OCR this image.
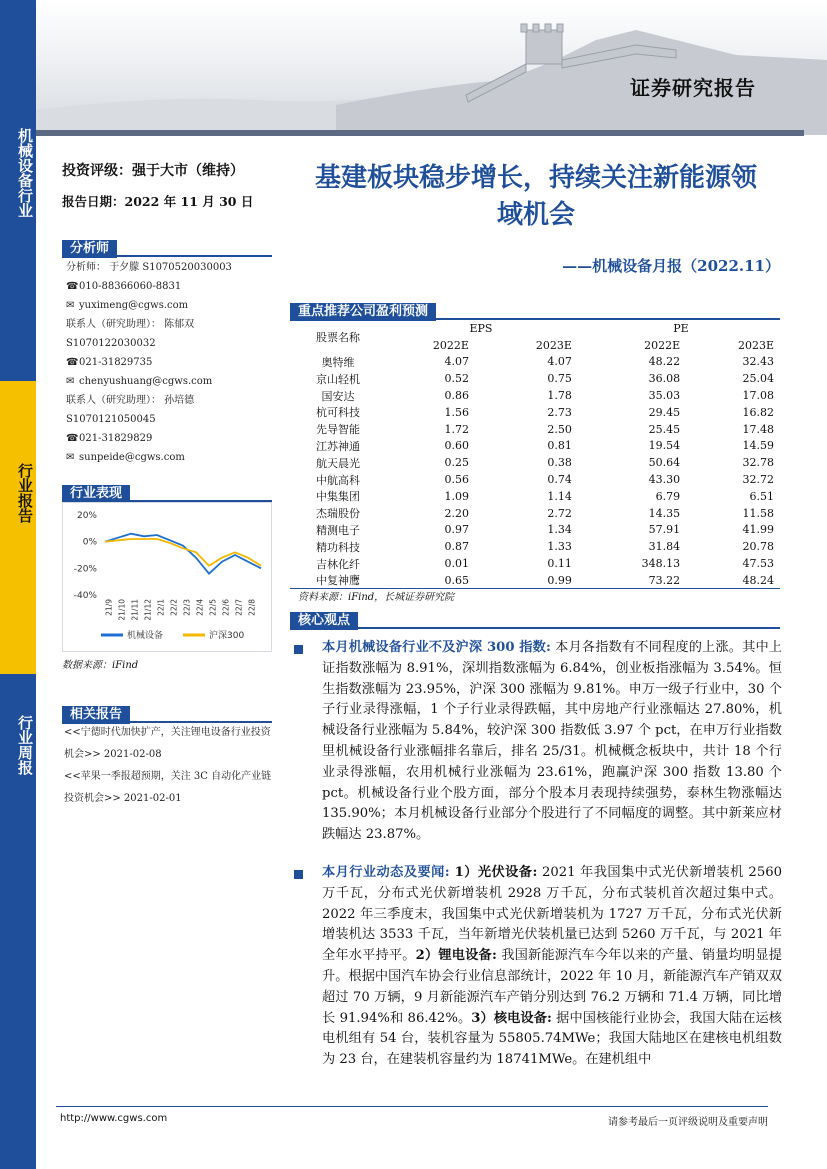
机械设备行业
行业报告
行业周报
证券研究报告
投资评级：强于大市（维持）
报告日期：2022 年 11 月 30 日
基建板块稳步增长，持续关注新能源领
域机会
——机械设备月报（2022.11）
分析师
分析师： 于夕朦 S1070520030003
☎010-88366060-8831
✉ yuximeng@cgws.com
联系人（研究助理）： 陈郁双
S1070122030032
☎021-31829735
✉ chenyushuang@cgws.com
联系人（研究助理）： 孙培德
S1070121050045
☎021-31829829
✉ sunpeide@cgws.com
行业表现
20%
0%
-20%
-40%
21/9 21/10 21/11 21/12 22/1 22/2 22/3 22/4 22/5 22/6 22/7 22/8
机械设备	沪深300
数据来源：iFind
相关报告
<<宁德时代加快扩产，关注锂电设备行业投资机会>> 2021-02-08
<<苹果一季报超预期，关注 3C 自动化产业链投资机会>> 2021-02-01
重点推荐公司盈利预测
股票名称	EPS		PE	
	2022E	2023E	2022E	2023E
奥特维	4.07	4.07	48.22	32.43
京山轻机	0.52	0.75	36.08	25.04
国安达	0.86	1.78	35.03	17.08
杭可科技	1.56	2.73	29.45	16.82
先导智能	1.72	2.50	25.45	17.48
江苏神通	0.60	0.81	19.54	14.59
航天晨光	0.25	0.38	50.64	32.78
中航高科	0.56	0.74	43.30	32.72
中集集团	1.09	1.14	6.79	6.51
杰瑞股份	2.20	2.72	14.35	11.58
精测电子	0.97	1.34	57.91	41.99
精功科技	0.87	1.33	31.84	20.78
吉林化纤	0.01	0.11	348.13	47.53
中复神鹰	0.65	0.99	73.22	48.24
资料来源：iFind，长城证券研究院
核心观点
本月机械设备行业不及沪深 300 指数: 本月各指数有不同程度的上涨。其中上证指数涨幅为 8.91%，深圳指数涨幅为 6.84%，创业板指涨幅为 3.54%。恒生指数涨幅为 23.95%，沪深 300 涨幅为 9.81%。申万一级子行业中，30 个子行业录得涨幅，1 个子行业录得跌幅，其中房地产行业涨幅达 27.80%，机械设备行业涨幅为 5.84%，较沪深 300 指数低 3.97 个 pct，在申万行业指数里机械设备行业涨幅排名靠后，排名 25/31。机械概念板块中，共计 18 个行业录得涨幅，农用机械行业涨幅为 23.61%，跑赢沪深 300 指数 13.80 个 pct。机械设备行业个股方面，部分个股本月表现持续强势，泰林生物涨幅达 135.90%；本月机械设备行业部分个股进行了不同幅度的调整。其中新莱应材跌幅达 23.87%。
本月行业动态及要闻: 1）光伏设备: 2021 年我国集中式光伏新增装机 2560 万千瓦，分布式光伏新增装机 2928 万千瓦，分布式装机首次超过集中式。2022 年三季度末，我国集中式光伏新增装机为 1727 万千瓦，分布式光伏新增装机达 3533 千瓦，当年新增光伏装机量已达到 5260 万千瓦，与 2021 年全年水平持平。2）锂电设备: 我国新能源汽车今年以来的产量、销量均明显提升。根据中国汽车协会行业信息部统计，2022 年 10 月，新能源汽车产销双双超过 70 万辆，9 月新能源汽车产销分别达到 76.2 万辆和 71.4 万辆，同比增长 91.94%和 86.42%。3）核电设备: 据中国核能行业协会，我国大陆在运核电机组有 54 台，装机容量为 55805.74MWe；我国大陆地区在建核电机组数为 23 台，在建装机容量约为 18741MWe。在建机组中
http://www.cgws.com	请参考最后一页评级说明及重要声明
